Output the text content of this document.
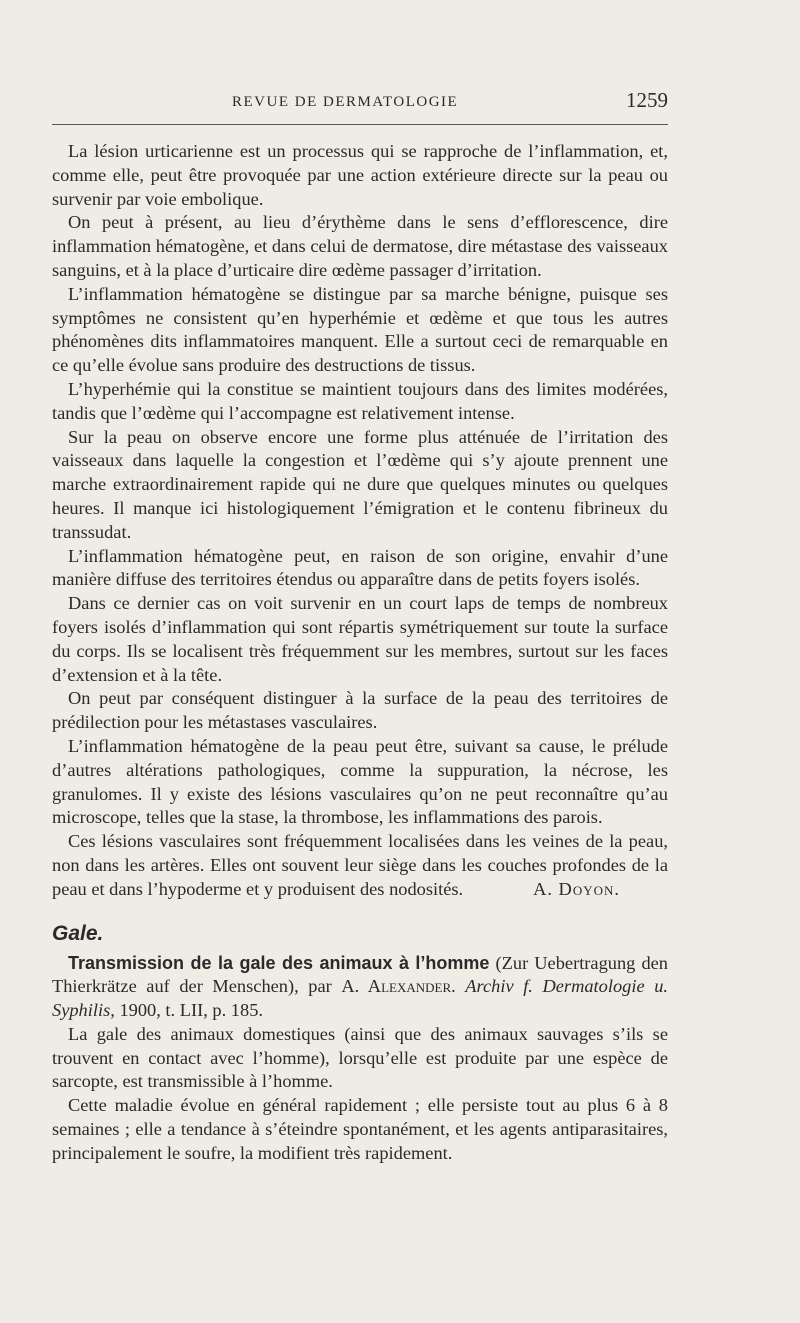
REVUE DE DERMATOLOGIE	1259

La lésion urticarienne est un processus qui se rapproche de l’inflammation, et, comme elle, peut être provoquée par une action extérieure directe sur la peau ou survenir par voie embolique.

On peut à présent, au lieu d’érythème dans le sens d’efflorescence, dire inflammation hématogène, et dans celui de dermatose, dire métastase des vaisseaux sanguins, et à la place d’urticaire dire œdème passager d’irritation.

L’inflammation hématogène se distingue par sa marche bénigne, puisque ses symptômes ne consistent qu’en hyperhémie et œdème et que tous les autres phénomènes dits inflammatoires manquent. Elle a surtout ceci de remarquable en ce qu’elle évolue sans produire des destructions de tissus.

L’hyperhémie qui la constitue se maintient toujours dans des limites modérées, tandis que l’œdème qui l’accompagne est relativement intense.

Sur la peau on observe encore une forme plus atténuée de l’irritation des vaisseaux dans laquelle la congestion et l’œdème qui s’y ajoute prennent une marche extraordinairement rapide qui ne dure que quelques minutes ou quelques heures. Il manque ici histologiquement l’émigration et le contenu fibrineux du transsudat.

L’inflammation hématogène peut, en raison de son origine, envahir d’une manière diffuse des territoires étendus ou apparaître dans de petits foyers isolés.

Dans ce dernier cas on voit survenir en un court laps de temps de nombreux foyers isolés d’inflammation qui sont répartis symétriquement sur toute la surface du corps. Ils se localisent très fréquemment sur les membres, surtout sur les faces d’extension et à la tête.

On peut par conséquent distinguer à la surface de la peau des territoires de prédilection pour les métastases vasculaires.

L’inflammation hématogène de la peau peut être, suivant sa cause, le prélude d’autres altérations pathologiques, comme la suppuration, la nécrose, les granulomes. Il y existe des lésions vasculaires qu’on ne peut reconnaître qu’au microscope, telles que la stase, la thrombose, les inflammations des parois.

Ces lésions vasculaires sont fréquemment localisées dans les veines de la peau, non dans les artères. Elles ont souvent leur siège dans les couches profondes de la peau et dans l’hypoderme et y produisent des nodosités.	A. Doyon.

Gale.

Transmission de la gale des animaux à l’homme (Zur Uebertragung den Thierkrätze auf der Menschen), par A. Alexander. Archiv f. Dermatologie u. Syphilis, 1900, t. LII, p. 185.

La gale des animaux domestiques (ainsi que des animaux sauvages s’ils se trouvent en contact avec l’homme), lorsqu’elle est produite par une espèce de sarcopte, est transmissible à l’homme.

Cette maladie évolue en général rapidement ; elle persiste tout au plus 6 à 8 semaines ; elle a tendance à s’éteindre spontanément, et les agents antiparasitaires, principalement le soufre, la modifient très rapidement.
